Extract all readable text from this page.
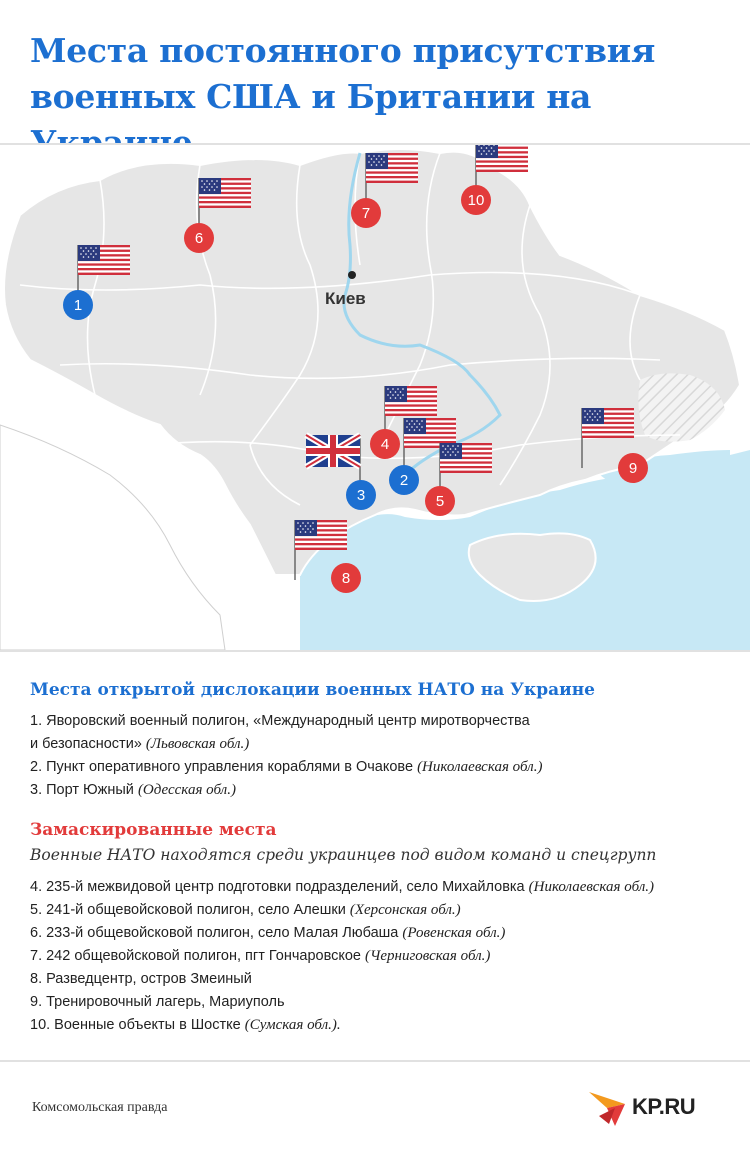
Места постоянного присутствия военных США и Британии на
Киев
1
2
3
4
5
6
7
8
9
10
Места открытой дислокации военных НАТО на Украине
1. Яворовский военный полигон, «Международный центр миротворчества
и безопасности» (Львовская обл.)
2. Пункт оперативного управления кораблями в Очакове (Николаевская обл.)
3. Порт Южный (Одесская обл.)
Замаскированные места
Военные НАТО находятся среди украинцев под видом команд и спецгрупп
4. 235-й межвидовой центр подготовки подразделений, село Михайловка (Николаевская обл.)
5. 241-й общевойсковой полигон, село Алешки (Херсонская обл.)
6. 233-й общевойсковой полигон, село Малая Любаша (Ровенская обл.)
7. 242 общевойсковой полигон, пгт Гончаровское (Черниговская обл.)
8. Разведцентр, остров Змеиный
9. Тренировочный лагерь, Мариуполь
10. Военные объекты в Шостке (Сумская обл.).
Комсомольская правда	KP.RU
